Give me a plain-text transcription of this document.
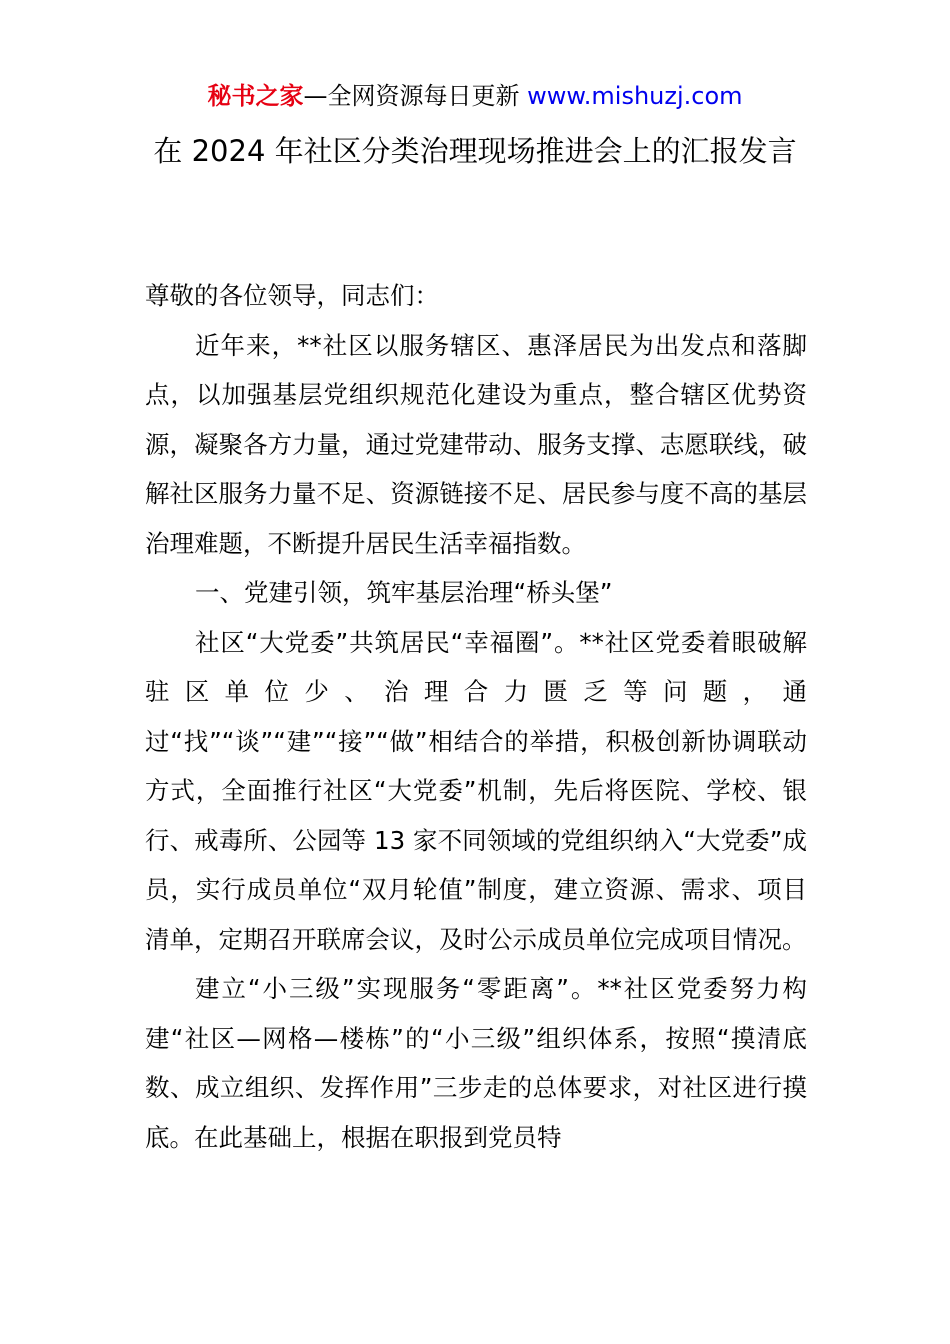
秘书之家—全网资源每日更新 www.mishuzj.com
在 2024 年社区分类治理现场推进会上的汇报发言

尊敬的各位领导，同志们：

近年来，**社区以服务辖区、惠泽居民为出发点和落脚点，以加强基层党组织规范化建设为重点，整合辖区优势资源，凝聚各方力量，通过党建带动、服务支撑、志愿联线，破解社区服务力量不足、资源链接不足、居民参与度不高的基层治理难题，不断提升居民生活幸福指数。

一、党建引领，筑牢基层治理“桥头堡”

社区“大党委”共筑居民“幸福圈”。**社区党委着眼破解驻区单位少、治理合力匮乏等问题，通过“找”“谈”“建”“接”“做”相结合的举措，积极创新协调联动方式，全面推行社区“大党委”机制，先后将医院、学校、银行、戒毒所、公园等 13 家不同领域的党组织纳入“大党委”成员，实行成员单位“双月轮值”制度，建立资源、需求、项目清单，定期召开联席会议，及时公示成员单位完成项目情况。

建立“小三级”实现服务“零距离”。**社区党委努力构建“社区—网格—楼栋”的“小三级”组织体系，按照“摸清底数、成立组织、发挥作用”三步走的总体要求，对社区进行摸底。在此基础上，根据在职报到党员特
